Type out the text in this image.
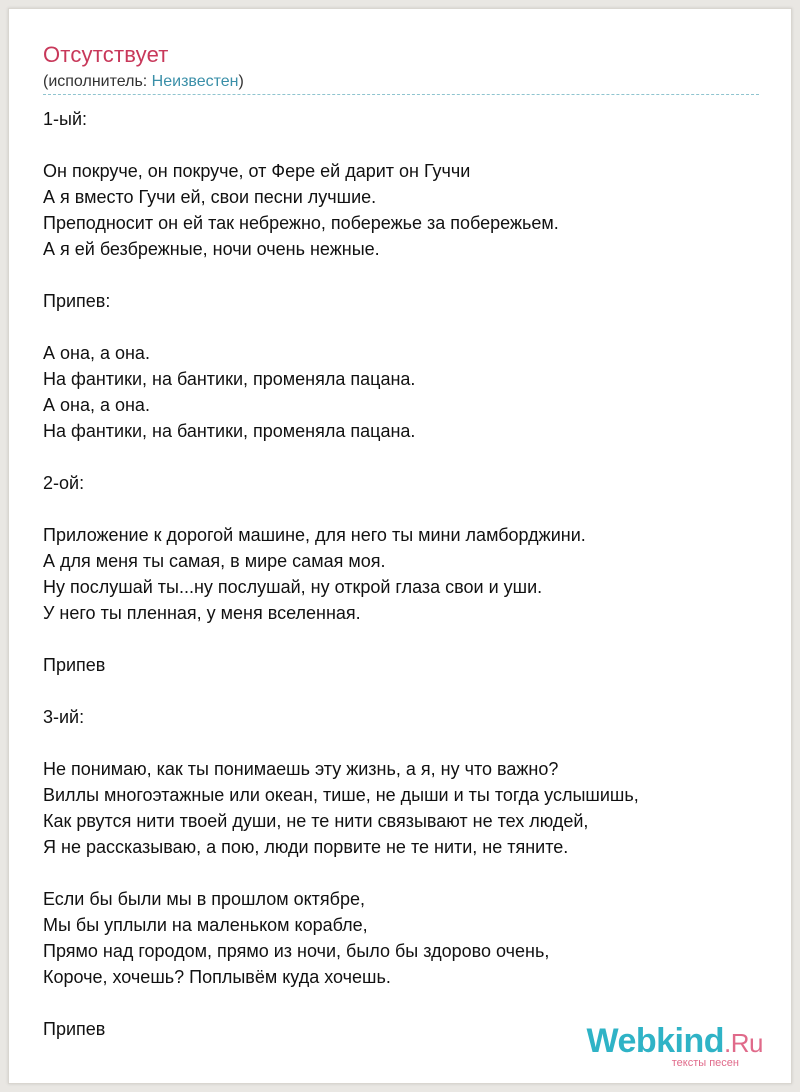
Отсутствует
(исполнитель: Неизвестен)
1-ый:
Он покруче, он покруче, от Фере ей дарит он Гуччи
А я вместо Гучи ей, свои песни лучшие.
Преподносит он ей так небрежно, побережье за побережьем.
А я ей безбрежные, ночи очень нежные.
Припев:
А она, а она.
На фантики, на бантики, променяла пацана.
А она, а она.
На фантики, на бантики, променяла пацана.
2-ой:
Приложение к дорогой машине, для него ты мини ламборджини.
А для меня ты самая, в мире самая моя.
Ну послушай ты...ну послушай, ну открой глаза свои и уши.
У него ты пленная, у меня вселенная.
Припев
3-ий:
Не понимаю, как ты понимаешь эту жизнь, а я, ну что важно?
Виллы многоэтажные или океан, тише, не дыши и ты тогда услышишь,
Как рвутся нити твоей души, не те нити связывают не тех людей,
Я не рассказываю, а пою, люди порвите не те нити, не тяните.
Если бы были мы в прошлом октябре,
Мы бы уплыли на маленьком корабле,
Прямо над городом, прямо из ночи, было бы здорово очень,
Короче, хочешь? Поплывём куда хочешь.
Припев	Webkind.Ru
тексты песен
